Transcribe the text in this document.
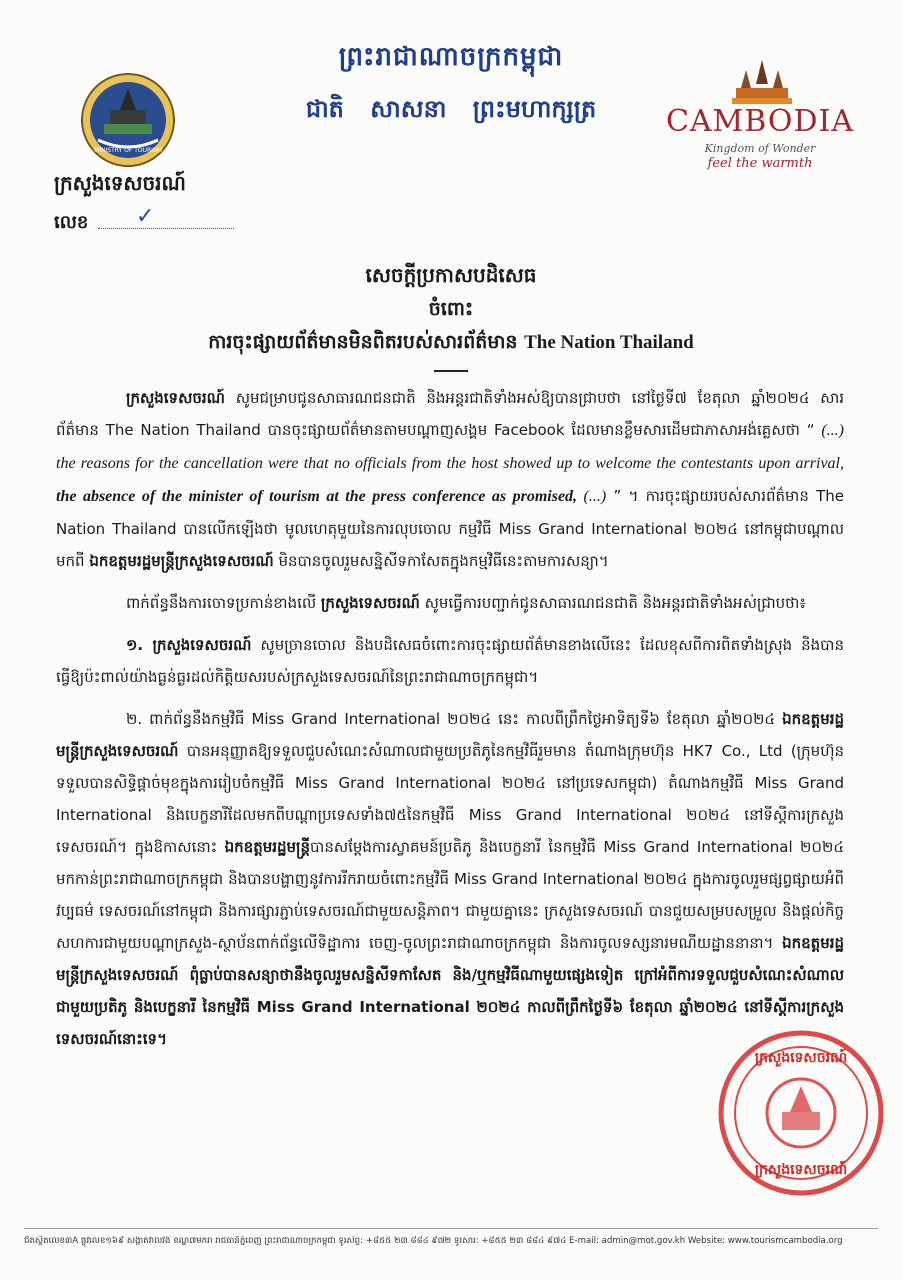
ព្រះរាជាណាចក្រកម្ពុជា
ជាតិ សាសនា ព្រះមហាក្សត្រ
MINISTRY OF TOURISM
ក្រសួងទេសចរណ៍
លេខ ✓
CAMBODIA
Kingdom of Wonder
feel the warmth
សេចក្ដីប្រកាសបដិសេធ
ចំពោះ
ការចុះផ្សាយព័ត៌មានមិនពិតរបស់សារព័ត៌មាន The Nation Thailand

ក្រសួងទេសចរណ៍ សូមជម្រាបជូនសាធារណជនជាតិ និងអន្តរជាតិទាំងអស់ឱ្យបានជ្រាបថា នៅថ្ងៃទី៧ ខែតុលា ឆ្នាំ២០២៤ សារព័ត៌មាន The Nation Thailand បានចុះផ្សាយព័ត៌មានតាមបណ្ដាញសង្គម Facebook ដែលមានខ្លឹមសារដើមជាភាសាអង់គ្លេសថា “ (...) the reasons for the cancellation were that no officials from the host showed up to welcome the contestants upon arrival, the absence of the minister of tourism at the press conference as promised, (...) ” ។ ការចុះផ្សាយរបស់សារព័ត៌មាន The Nation Thailand បានលើកឡើងថា មូលហេតុមួយនៃការលុបចោល កម្មវិធី Miss Grand International ២០២៤ នៅកម្ពុជាបណ្ដាលមកពី ឯកឧត្តមរដ្ឋមន្ត្រីក្រសួងទេសចរណ៍ មិនបានចូលរួមសន្និសីទកាសែតក្នុងកម្មវិធីនេះតាមការសន្យា។

ពាក់ព័ន្ធនឹងការចោទប្រកាន់ខាងលើ ក្រសួងទេសចរណ៍ សូមធ្វើការបញ្ជាក់ជូនសាធារណជនជាតិ និងអន្តរជាតិទាំងអស់ជ្រាបថា៖

១. ក្រសួងទេសចរណ៍ សូមច្រានចោល និងបដិសេធចំពោះការចុះផ្សាយព័ត៌មានខាងលើនេះ ដែលខុសពីការពិតទាំងស្រុង និងបានធ្វើឱ្យប៉ះពាល់យ៉ាងធ្ងន់ធ្ងរដល់កិត្តិយសរបស់ក្រសួងទេសចរណ៍នៃព្រះរាជាណាចក្រកម្ពុជា។

២. ពាក់ព័ន្ធនឹងកម្មវិធី Miss Grand International ២០២៤ នេះ កាលពីព្រឹកថ្ងៃអាទិត្យទី៦ ខែតុលា ឆ្នាំ២០២៤ ឯកឧត្តមរដ្ឋមន្ត្រីក្រសួងទេសចរណ៍ បានអនុញ្ញាតឱ្យទទួលជួបសំណេះសំណាលជាមួយប្រតិភូនៃកម្មវិធីរួមមាន តំណាងក្រុមហ៊ុន HK7 Co., Ltd (ក្រុមហ៊ុនទទួលបានសិទ្ធិផ្ដាច់មុខក្នុងការរៀបចំកម្មវិធី Miss Grand International ២០២៤ នៅប្រទេសកម្ពុជា) តំណាងកម្មវិធី Miss Grand International និងបេក្ខនារីដែលមកពីបណ្ដាប្រទេសទាំង៧៥នៃកម្មវិធី Miss Grand International ២០២៤ នៅទីស្ដីការក្រសួងទេសចរណ៍។ ក្នុងឱកាសនោះ ឯកឧត្តមរដ្ឋមន្ត្រីបានសម្ដែងការស្វាគមន៍ប្រតិភូ និងបេក្ខនារី នៃកម្មវិធី Miss Grand International ២០២៤ មកកាន់ព្រះរាជាណាចក្រកម្ពុជា និងបានបង្ហាញនូវការរីករាយចំពោះកម្មវិធី Miss Grand International ២០២៤ ក្នុងការចូលរួមផ្សព្វផ្សាយអំពីវប្បធម៌ ទេសចរណ៍នៅកម្ពុជា និងការផ្សារភ្ជាប់ទេសចរណ៍ជាមួយសន្តិភាព។ ជាមួយគ្នានេះ ក្រសួងទេសចរណ៍ បានជួយសម្របសម្រួល និងផ្ដល់កិច្ចសហការជាមួយបណ្ដាក្រសួង-ស្ថាប័នពាក់ព័ន្ធលើទិដ្ឋាការ ចេញ-ចូលព្រះរាជាណាចក្រកម្ពុជា និងការចូលទស្សនារមណីយដ្ឋាននានា។ ឯកឧត្តមរដ្ឋមន្ត្រីក្រសួងទេសចរណ៍ ពុំធ្លាប់បានសន្យាថានឹងចូលរួមសន្និសីទកាសែត និង/ឬកម្មវិធីណាមួយផ្សេងទៀត ក្រៅអំពីការទទួលជួបសំណេះសំណាល ជាមួយប្រតិភូ និងបេក្ខនារី នៃកម្មវិធី Miss Grand International ២០២៤ កាលពីព្រឹកថ្ងៃទី៦ ខែតុលា ឆ្នាំ២០២៤ នៅទីស្ដីការក្រសួងទេសចរណ៍នោះទេ។

ក្រសួងទេសចរណ៍
ក្រសួងទេសចរណ៍
ជិតស្ថិតលេខ៣A ផ្លូវលេខ១៦៩ សង្កាត់វាលវង់ ខណ្ឌ៧មករា រាជធានីភ្នំពេញ ព្រះរាជាណាចក្រកម្ពុជា ទូរស័ព្ទ: +៨៥៥ ២៣ ៨៨៤ ៩៧២ ទូរសារ: +៨៥៥ ២៣ ៨៨៤ ៩៧៤ E-mail: admin@mot.gov.kh Website: www.tourismcambodia.org
